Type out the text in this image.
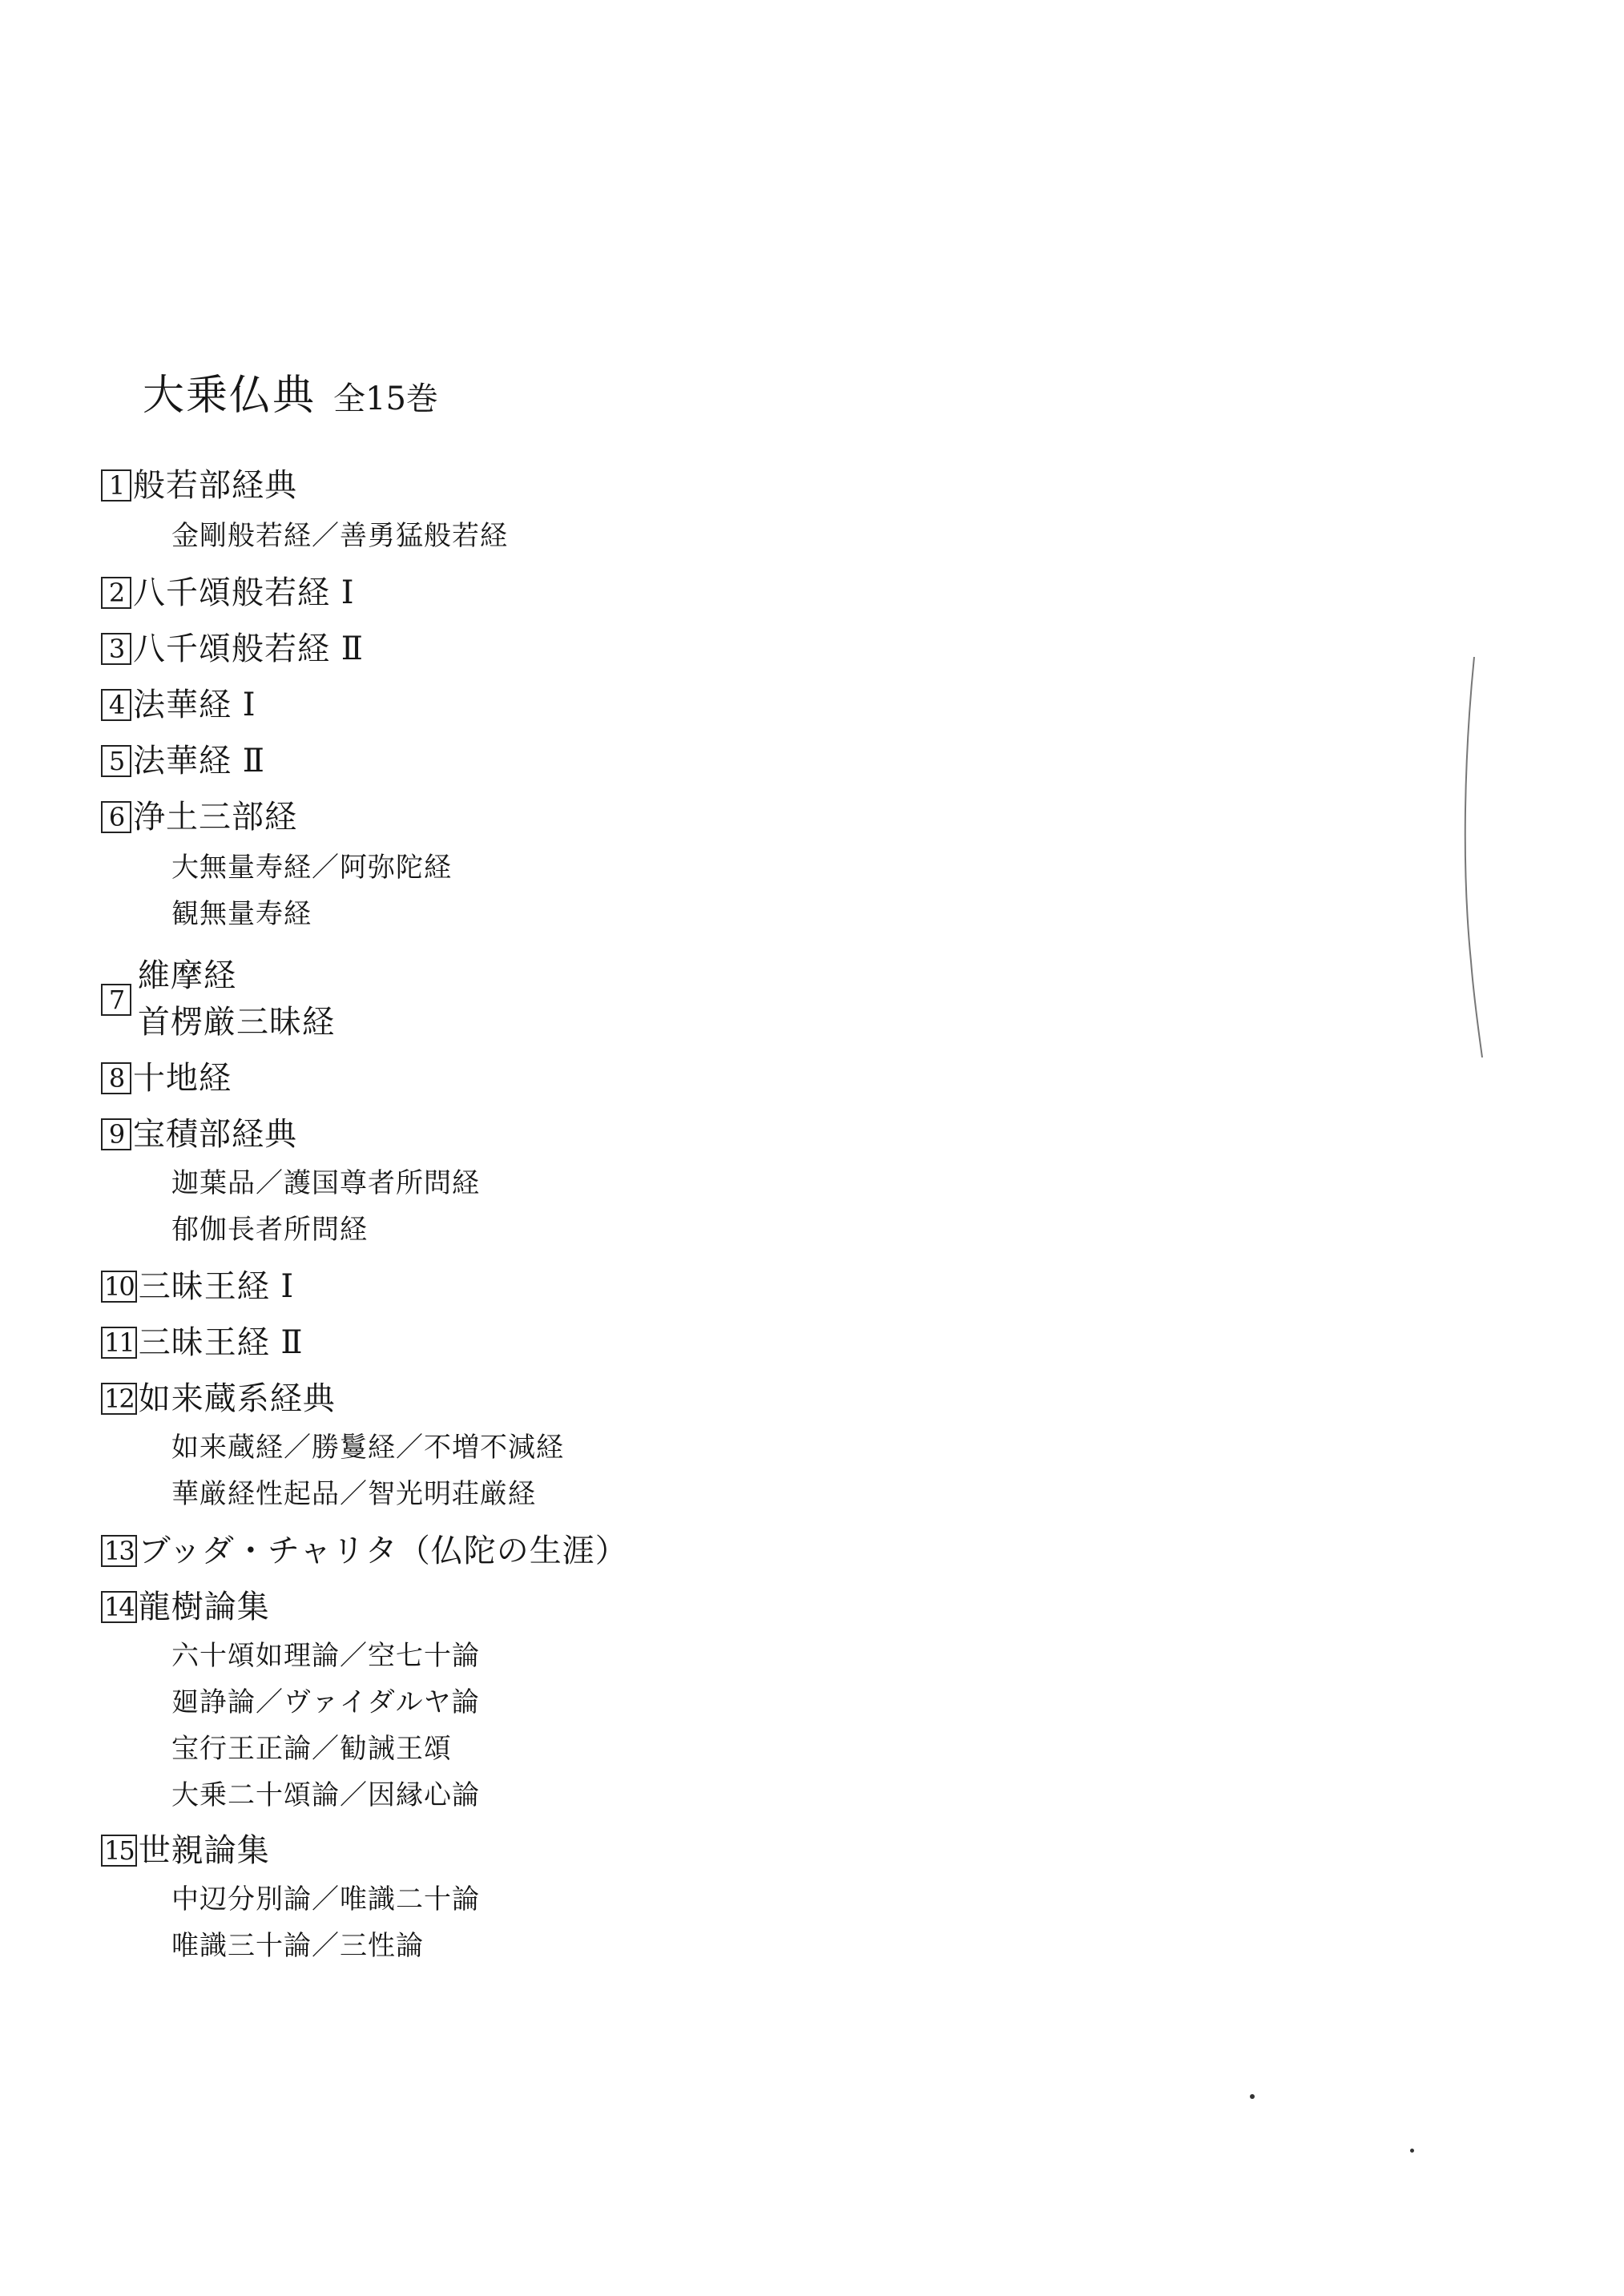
大乗仏典 全15巻
1 般若部経典
金剛般若経／善勇猛般若経
2 八千頌般若経 Ⅰ
3 八千頌般若経 Ⅱ
4 法華経 Ⅰ
5 法華経 Ⅱ
6 浄土三部経
大無量寿経／阿弥陀経
観無量寿経
7
維摩経
首楞厳三昧経
8 十地経
9 宝積部経典
迦葉品／護国尊者所問経
郁伽長者所問経
10 三昧王経 Ⅰ
11 三昧王経 Ⅱ
12 如来蔵系経典
如来蔵経／勝鬘経／不増不減経
華厳経性起品／智光明荘厳経
13 ブッダ・チャリタ（仏陀の生涯）
14 龍樹論集
六十頌如理論／空七十論
廻諍論／ヴァイダルヤ論
宝行王正論／勧誡王頌
大乗二十頌論／因縁心論
15 世親論集
中辺分別論／唯識二十論
唯識三十論／三性論
